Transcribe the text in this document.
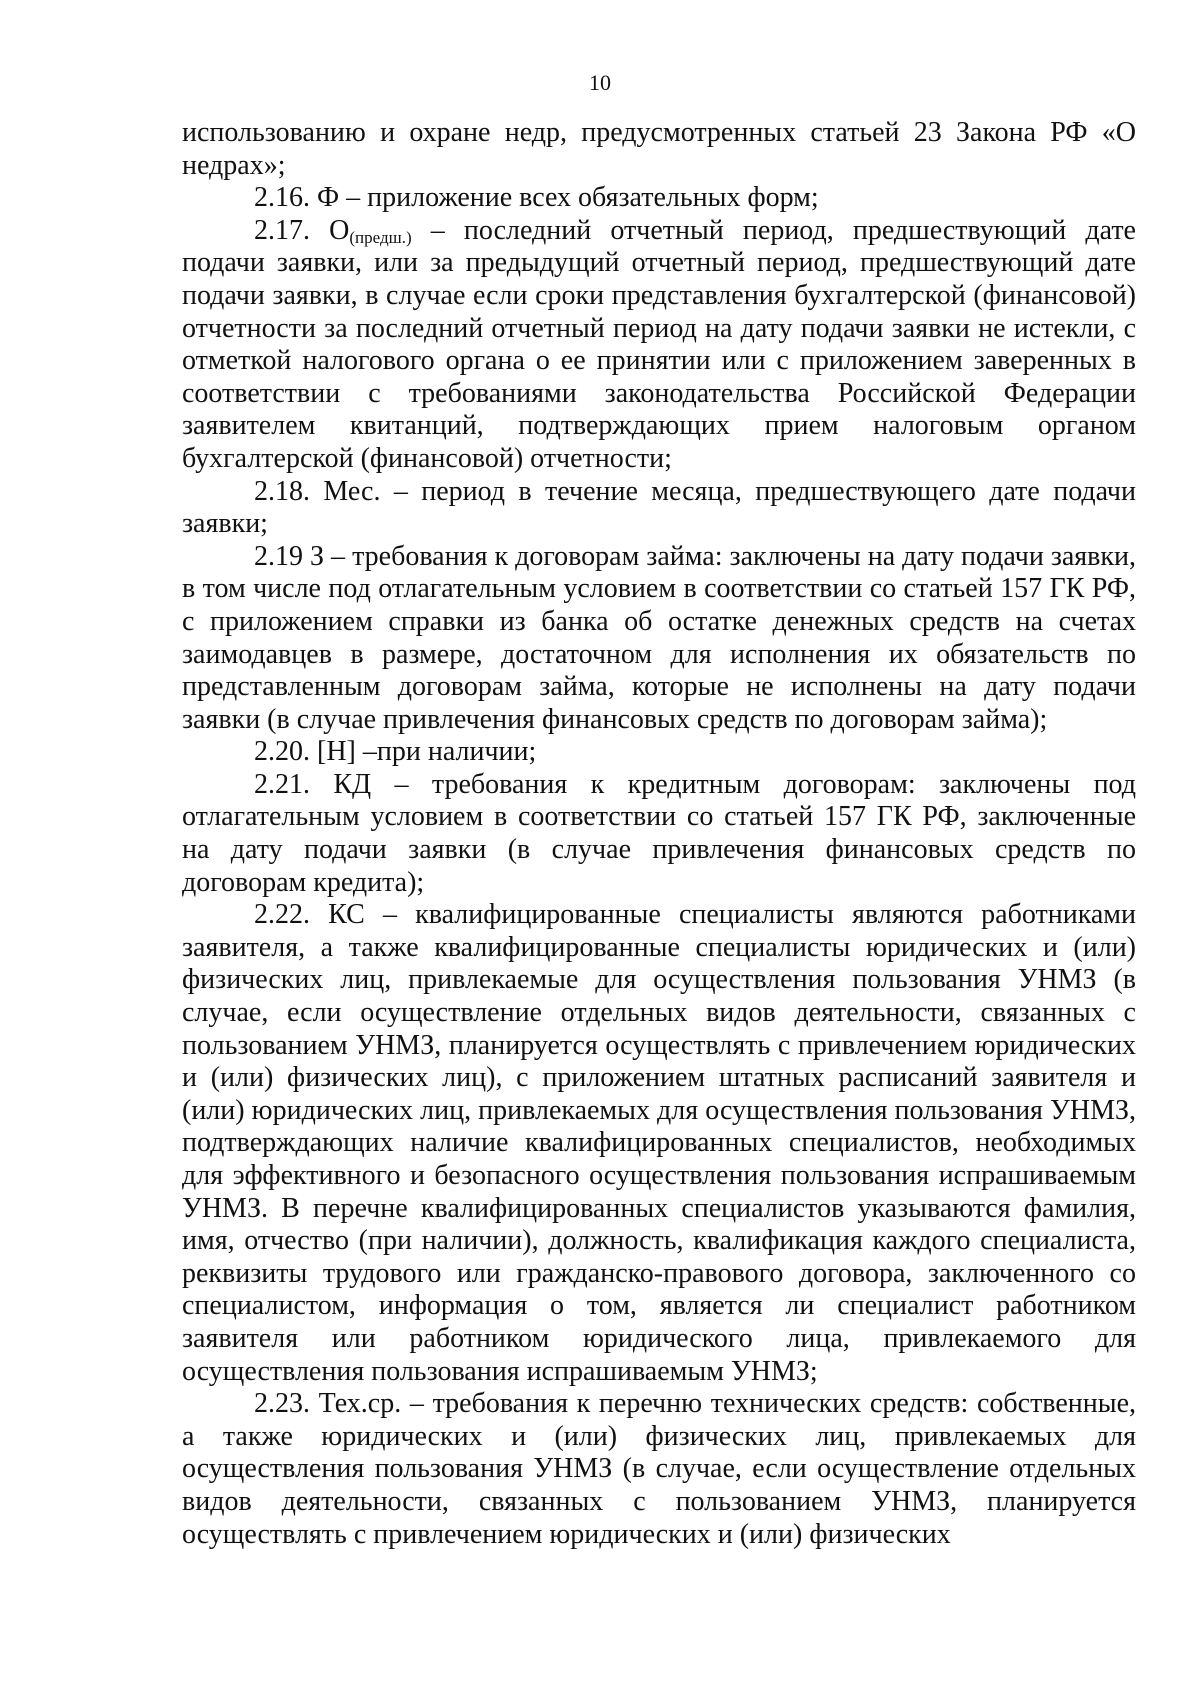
10

использованию и охране недр, предусмотренных статьей 23 Закона РФ «О недрах»;

2.16. Ф – приложение всех обязательных форм;

2.17. $О_{(предш.)}$ – последний отчетный период, предшествующий дате подачи заявки, или за предыдущий отчетный период, предшествующий дате подачи заявки, в случае если сроки представления бухгалтерской (финансовой) отчетности за последний отчетный период на дату подачи заявки не истекли, с отметкой налогового органа о ее принятии или с приложением заверенных в соответствии с требованиями законодательства Российской Федерации заявителем квитанций, подтверждающих прием налоговым органом бухгалтерской (финансовой) отчетности;

2.18. Мес. – период в течение месяца, предшествующего дате подачи заявки;

2.19 З – требования к договорам займа: заключены на дату подачи заявки, в том числе под отлагательным условием в соответствии со статьей 157 ГК РФ, с приложением справки из банка об остатке денежных средств на счетах заимодавцев в размере, достаточном для исполнения их обязательств по представленным договорам займа, которые не исполнены на дату подачи заявки (в случае привлечения финансовых средств по договорам займа);

2.20. [Н] –при наличии;

2.21. КД – требования к кредитным договорам: заключены под отлагательным условием в соответствии со статьей 157 ГК РФ, заключенные на дату подачи заявки (в случае привлечения финансовых средств по договорам кредита);

2.22. КС – квалифицированные специалисты являются работниками заявителя, а также квалифицированные специалисты юридических и (или) физических лиц, привлекаемые для осуществления пользования УНМЗ (в случае, если осуществление отдельных видов деятельности, связанных с пользованием УНМЗ, планируется осуществлять с привлечением юридических и (или) физических лиц), с приложением штатных расписаний заявителя и (или) юридических лиц, привлекаемых для осуществления пользования УНМЗ, подтверждающих наличие квалифицированных специалистов, необходимых для эффективного и безопасного осуществления пользования испрашиваемым УНМЗ. В перечне квалифицированных специалистов указываются фамилия, имя, отчество (при наличии), должность, квалификация каждого специалиста, реквизиты трудового или гражданско-правового договора, заключенного со специалистом, информация о том, является ли специалист работником заявителя или работником юридического лица, привлекаемого для осуществления пользования испрашиваемым УНМЗ;

2.23. Тех.ср. – требования к перечню технических средств: собственные, а также юридических и (или) физических лиц, привлекаемых для осуществления пользования УНМЗ (в случае, если осуществление отдельных видов деятельности, связанных с пользованием УНМЗ, планируется осуществлять с привлечением юридических и (или) физических
